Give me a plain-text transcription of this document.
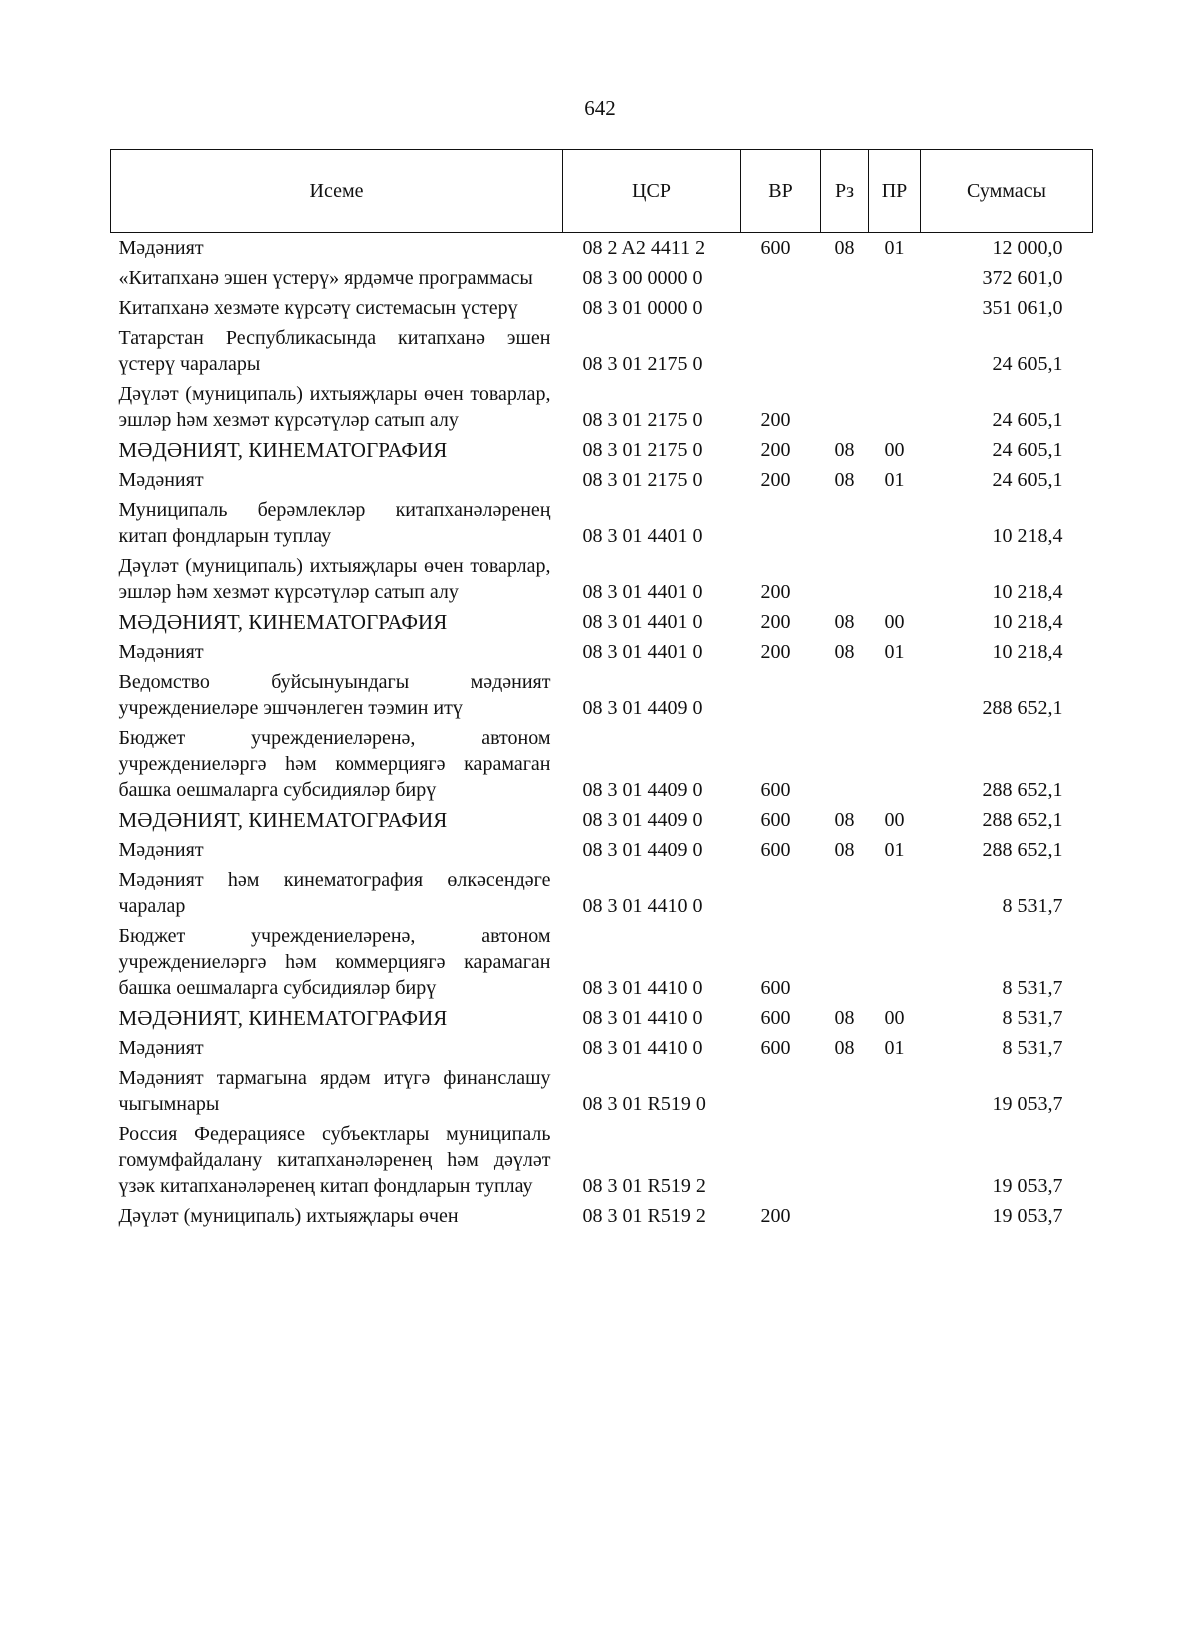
642
Исеме	ЦСР	ВР	Рз	ПР	Суммасы
Мәдәният	08 2 A2 4411 2	600	08	01	12 000,0
«Китапханә эшен үстерү» ярдәмче программасы	08 3 00 0000 0				372 601,0
Китапханә хезмәте күрсәтү системасын үстерү	08 3 01 0000 0				351 061,0
Татарстан Республикасында китапханә эшен үстерү чаралары	08 3 01 2175 0				24 605,1
Дәүләт (муниципаль) ихтыяҗлары өчен товарлар, эшләр һәм хезмәт күрсәтүләр сатып алу	08 3 01 2175 0	200			24 605,1
МӘДӘНИЯТ, КИНЕМАТОГРАФИЯ	08 3 01 2175 0	200	08	00	24 605,1
Мәдәният	08 3 01 2175 0	200	08	01	24 605,1
Муниципаль берәмлекләр китапханәләренең китап фондларын туплау	08 3 01 4401 0				10 218,4
Дәүләт (муниципаль) ихтыяҗлары өчен товарлар, эшләр һәм хезмәт күрсәтүләр сатып алу	08 3 01 4401 0	200			10 218,4
МӘДӘНИЯТ, КИНЕМАТОГРАФИЯ	08 3 01 4401 0	200	08	00	10 218,4
Мәдәният	08 3 01 4401 0	200	08	01	10 218,4
Ведомство буйсынуындагы мәдәният учреждениеләре эшчәнлеген тәэмин итү	08 3 01 4409 0				288 652,1
Бюджет учреждениеләренә, автоном учреждениеләргә һәм коммерциягә карамаган башка оешмаларга субсидияләр бирү	08 3 01 4409 0	600			288 652,1
МӘДӘНИЯТ, КИНЕМАТОГРАФИЯ	08 3 01 4409 0	600	08	00	288 652,1
Мәдәният	08 3 01 4409 0	600	08	01	288 652,1
Мәдәният һәм кинематография өлкәсендәге чаралар	08 3 01 4410 0				8 531,7
Бюджет учреждениеләренә, автоном учреждениеләргә һәм коммерциягә карамаган башка оешмаларга субсидияләр бирү	08 3 01 4410 0	600			8 531,7
МӘДӘНИЯТ, КИНЕМАТОГРАФИЯ	08 3 01 4410 0	600	08	00	8 531,7
Мәдәният	08 3 01 4410 0	600	08	01	8 531,7
Мәдәният тармагына ярдәм итүгә финанслашу чыгымнары	08 3 01 R519 0				19 053,7
Россия Федерациясе субъектлары муниципаль гомумфайдалану китапханәләренең һәм дәүләт үзәк китапханәләренең китап фондларын туплау	08 3 01 R519 2				19 053,7
Дәүләт (муниципаль) ихтыяҗлары өчен	08 3 01 R519 2	200			19 053,7
